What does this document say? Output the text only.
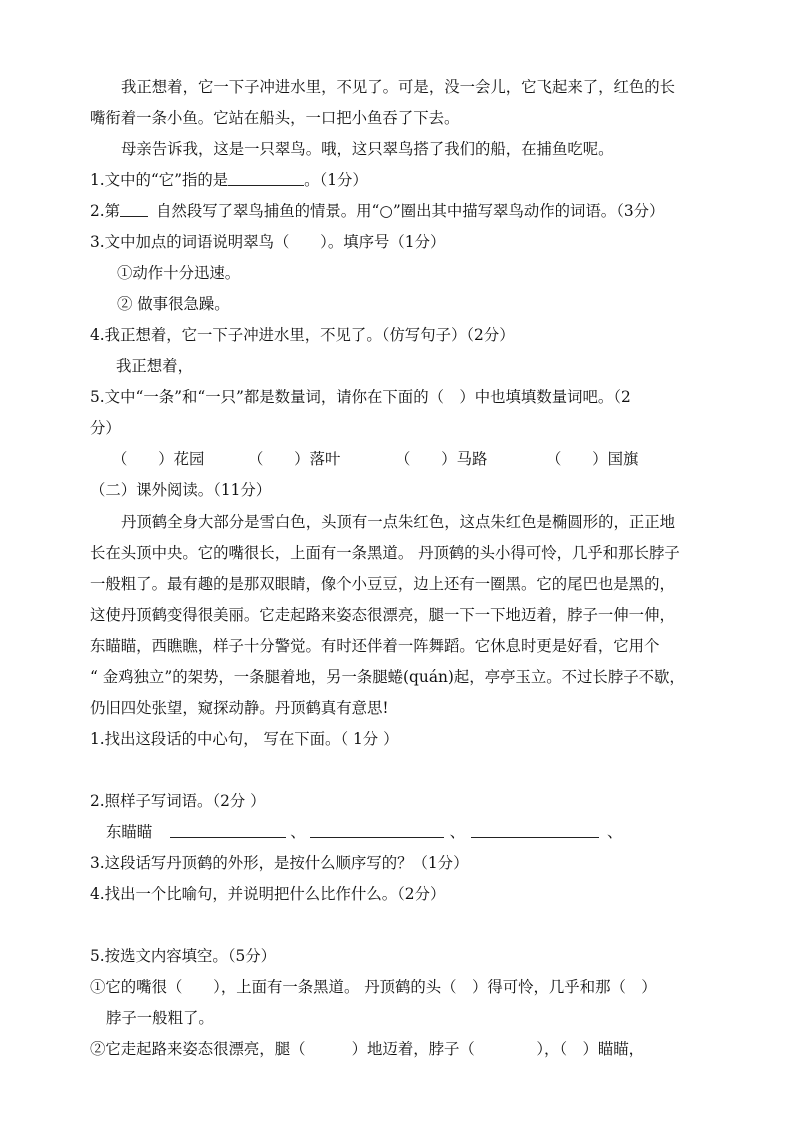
我正想着，它一下子冲进水里，不见了。可是，没一会儿，它飞起来了，红色的长
嘴衔着一条小鱼。它站在船头，一口把小鱼吞了下去。
母亲告诉我，这是一只翠鸟。哦，这只翠鸟搭了我们的船，在捕鱼吃呢。
1.文中的“它”指的是	。（1分）
2.第 自然段写了翠鸟捕鱼的情景。用“○”圈出其中描写翠鸟动作的词语。（3分）
3.文中加点的词语说明翠鸟（　　）。填序号（1分）
①动作十分迅速。
② 做事很急躁。
4.我正想着，它一下子冲进水里，不见了。（仿写句子）（2分）
我正想着，
5.文中“一条”和“一只”都是数量词，请你在下面的（　）中也填填数量词吧。（2
分）
（　　）花园	（　　）落叶	（　　）马路	（　　）国旗
（二）课外阅读。（11分）
丹顶鹤全身大部分是雪白色，头顶有一点朱红色，这点朱红色是椭圆形的，正正地
长在头顶中央。它的嘴很长，上面有一条黑道。 丹顶鹤的头小得可怜，几乎和那长脖子
一般粗了。最有趣的是那双眼睛，像个小豆豆，边上还有一圈黑。它的尾巴也是黑的，
这使丹顶鹤变得很美丽。它走起路来姿态很漂亮，腿一下一下地迈着，脖子一伸一伸，
东瞄瞄，西瞧瞧，样子十分警觉。有时还伴着一阵舞蹈。它休息时更是好看，它用个
“ 金鸡独立”的架势，一条腿着地，另一条腿蜷(quán)起，亭亭玉立。不过长脖子不歇，
仍旧四处张望，窥探动静。丹顶鹤真有意思!
1.找出这段话的中心句， 写在下面。（ 1分 ）
2.照样子写词语。（2分 ）
东瞄瞄	、	、	、
3.这段话写丹顶鹤的外形，是按什么顺序写的？（1分）
4.找出一个比喻句，并说明把什么比作什么。（2分）
5.按选文内容填空。（5分）
①它的嘴很（　　），上面有一条黑道。 丹顶鹤的头（　）得可怜，几乎和那（　）
脖子一般粗了。
②它走起路来姿态很漂亮，腿（　　　）地迈着，脖子（　　　　），（　）瞄瞄，
